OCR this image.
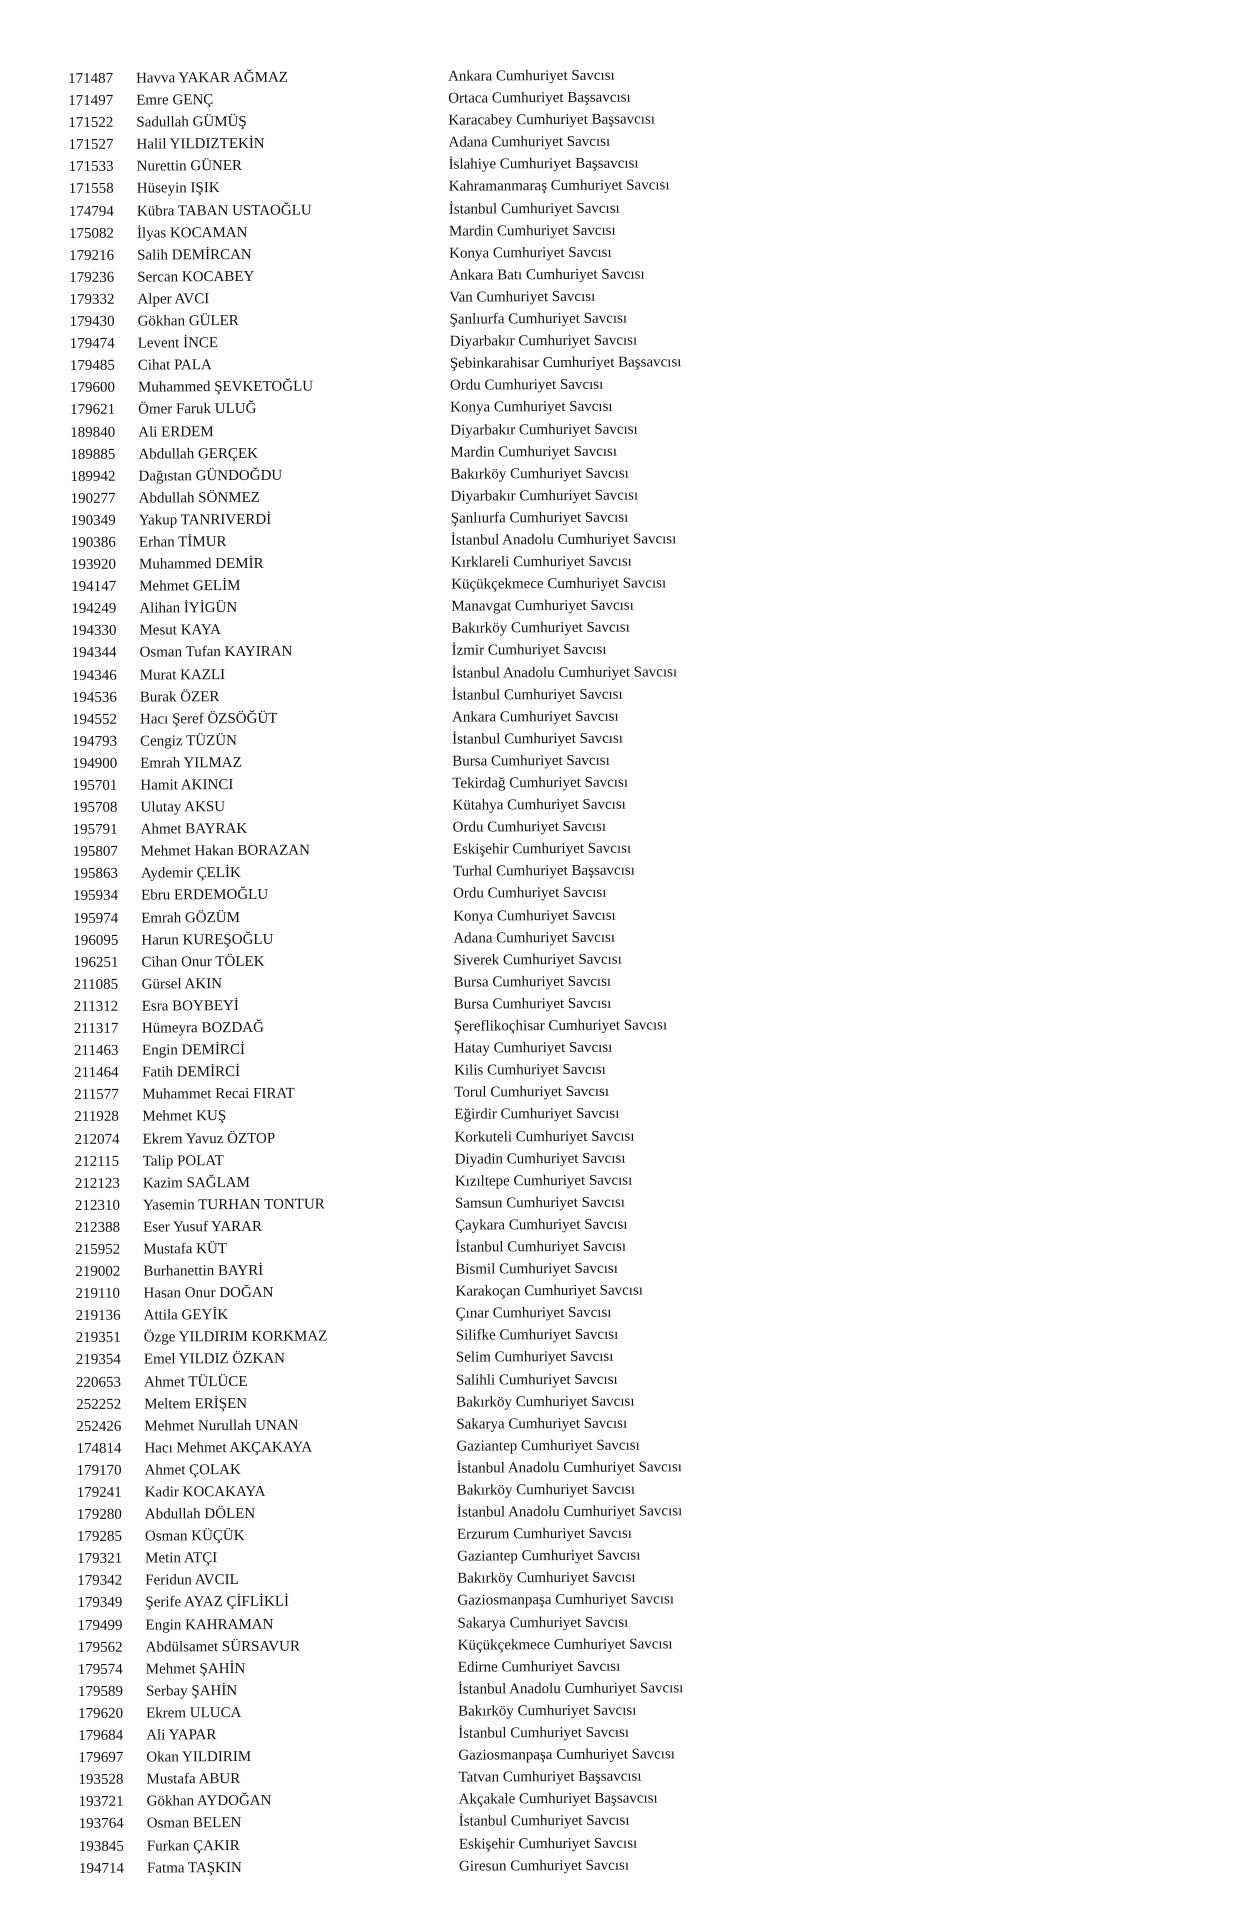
171487	Havva YAKAR AĞMAZ	Ankara Cumhuriyet Savcısı
171497	Emre GENÇ	Ortaca Cumhuriyet Başsavcısı
171522	Sadullah GÜMÜŞ	Karacabey Cumhuriyet Başsavcısı
171527	Halil YILDIZTEKİN	Adana Cumhuriyet Savcısı
171533	Nurettin GÜNER	İslahiye Cumhuriyet Başsavcısı
171558	Hüseyin IŞIK	Kahramanmaraş Cumhuriyet Savcısı
174794	Kübra TABAN USTAOĞLU	İstanbul Cumhuriyet Savcısı
175082	İlyas KOCAMAN	Mardin Cumhuriyet Savcısı
179216	Salih DEMİRCAN	Konya Cumhuriyet Savcısı
179236	Sercan KOCABEY	Ankara Batı Cumhuriyet Savcısı
179332	Alper AVCI	Van Cumhuriyet Savcısı
179430	Gökhan GÜLER	Şanlıurfa Cumhuriyet Savcısı
179474	Levent İNCE	Diyarbakır Cumhuriyet Savcısı
179485	Cihat PALA	Şebinkarahisar Cumhuriyet Başsavcısı
179600	Muhammed ŞEVKETOĞLU	Ordu Cumhuriyet Savcısı
179621	Ömer Faruk ULUĞ	Konya Cumhuriyet Savcısı
189840	Ali ERDEM	Diyarbakır Cumhuriyet Savcısı
189885	Abdullah GERÇEK	Mardin Cumhuriyet Savcısı
189942	Dağıstan GÜNDOĞDU	Bakırköy Cumhuriyet Savcısı
190277	Abdullah SÖNMEZ	Diyarbakır Cumhuriyet Savcısı
190349	Yakup TANRIVERDİ	Şanlıurfa Cumhuriyet Savcısı
190386	Erhan TİMUR	İstanbul Anadolu Cumhuriyet Savcısı
193920	Muhammed DEMİR	Kırklareli Cumhuriyet Savcısı
194147	Mehmet GELİM	Küçükçekmece Cumhuriyet Savcısı
194249	Alihan İYİGÜN	Manavgat Cumhuriyet Savcısı
194330	Mesut KAYA	Bakırköy Cumhuriyet Savcısı
194344	Osman Tufan KAYIRAN	İzmir Cumhuriyet Savcısı
194346	Murat KAZLI	İstanbul Anadolu Cumhuriyet Savcısı
194536	Burak ÖZER	İstanbul Cumhuriyet Savcısı
194552	Hacı Şeref ÖZSÖĞÜT	Ankara Cumhuriyet Savcısı
194793	Cengiz TÜZÜN	İstanbul Cumhuriyet Savcısı
194900	Emrah YILMAZ	Bursa Cumhuriyet Savcısı
195701	Hamit AKINCI	Tekirdağ Cumhuriyet Savcısı
195708	Ulutay AKSU	Kütahya Cumhuriyet Savcısı
195791	Ahmet BAYRAK	Ordu Cumhuriyet Savcısı
195807	Mehmet Hakan BORAZAN	Eskişehir Cumhuriyet Savcısı
195863	Aydemir ÇELİK	Turhal Cumhuriyet Başsavcısı
195934	Ebru ERDEMOĞLU	Ordu Cumhuriyet Savcısı
195974	Emrah GÖZÜM	Konya Cumhuriyet Savcısı
196095	Harun KUREŞOĞLU	Adana Cumhuriyet Savcısı
196251	Cihan Onur TÖLEK	Siverek Cumhuriyet Savcısı
211085	Gürsel AKIN	Bursa Cumhuriyet Savcısı
211312	Esra BOYBEYİ	Bursa Cumhuriyet Savcısı
211317	Hümeyra BOZDAĞ	Şereflikoçhisar Cumhuriyet Savcısı
211463	Engin DEMİRCİ	Hatay Cumhuriyet Savcısı
211464	Fatih DEMİRCİ	Kilis Cumhuriyet Savcısı
211577	Muhammet Recai FIRAT	Torul Cumhuriyet Savcısı
211928	Mehmet KUŞ	Eğirdir Cumhuriyet Savcısı
212074	Ekrem Yavuz ÖZTOP	Korkuteli Cumhuriyet Savcısı
212115	Talip POLAT	Diyadin Cumhuriyet Savcısı
212123	Kazim SAĞLAM	Kızıltepe Cumhuriyet Savcısı
212310	Yasemin TURHAN TONTUR	Samsun Cumhuriyet Savcısı
212388	Eser Yusuf YARAR	Çaykara Cumhuriyet Savcısı
215952	Mustafa KÜT	İstanbul Cumhuriyet Savcısı
219002	Burhanettin BAYRİ	Bismil Cumhuriyet Savcısı
219110	Hasan Onur DOĞAN	Karakoçan Cumhuriyet Savcısı
219136	Attila GEYİK	Çınar Cumhuriyet Savcısı
219351	Özge YILDIRIM KORKMAZ	Silifke Cumhuriyet Savcısı
219354	Emel YILDIZ ÖZKAN	Selim Cumhuriyet Savcısı
220653	Ahmet TÜLÜCE	Salihli Cumhuriyet Savcısı
252252	Meltem ERİŞEN	Bakırköy Cumhuriyet Savcısı
252426	Mehmet Nurullah UNAN	Sakarya Cumhuriyet Savcısı
174814	Hacı Mehmet AKÇAKAYA	Gaziantep Cumhuriyet Savcısı
179170	Ahmet ÇOLAK	İstanbul Anadolu Cumhuriyet Savcısı
179241	Kadir KOCAKAYA	Bakırköy Cumhuriyet Savcısı
179280	Abdullah DÖLEN	İstanbul Anadolu Cumhuriyet Savcısı
179285	Osman KÜÇÜK	Erzurum Cumhuriyet Savcısı
179321	Metin ATÇI	Gaziantep Cumhuriyet Savcısı
179342	Feridun AVCIL	Bakırköy Cumhuriyet Savcısı
179349	Şerife AYAZ ÇİFLİKLİ	Gaziosmanpaşa Cumhuriyet Savcısı
179499	Engin KAHRAMAN	Sakarya Cumhuriyet Savcısı
179562	Abdülsamet SÜRSAVUR	Küçükçekmece Cumhuriyet Savcısı
179574	Mehmet ŞAHİN	Edirne Cumhuriyet Savcısı
179589	Serbay ŞAHİN	İstanbul Anadolu Cumhuriyet Savcısı
179620	Ekrem ULUCA	Bakırköy Cumhuriyet Savcısı
179684	Ali YAPAR	İstanbul Cumhuriyet Savcısı
179697	Okan YILDIRIM	Gaziosmanpaşa Cumhuriyet Savcısı
193528	Mustafa ABUR	Tatvan Cumhuriyet Başsavcısı
193721	Gökhan AYDOĞAN	Akçakale Cumhuriyet Başsavcısı
193764	Osman BELEN	İstanbul Cumhuriyet Savcısı
193845	Furkan ÇAKIR	Eskişehir Cumhuriyet Savcısı
194714	Fatma TAŞKIN	Giresun Cumhuriyet Savcısı
